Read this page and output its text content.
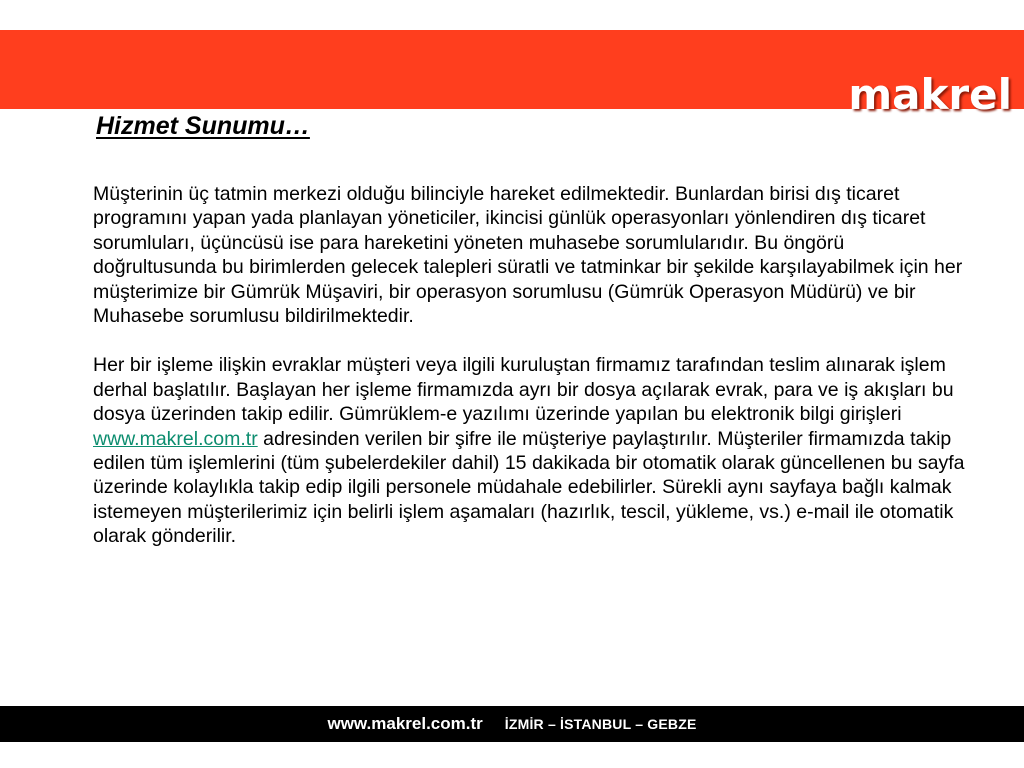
makrel
Hizmet Sunumu…

Müşterinin üç tatmin merkezi olduğu bilinciyle hareket edilmektedir. Bunlardan birisi dış ticaret programını yapan yada planlayan yöneticiler, ikincisi günlük operasyonları yönlendiren dış ticaret sorumluları, üçüncüsü ise para hareketini yöneten muhasebe sorumlularıdır. Bu öngörü doğrultusunda bu birimlerden gelecek talepleri süratli ve tatminkar bir şekilde karşılayabilmek için her müşterimize bir Gümrük Müşaviri, bir operasyon sorumlusu (Gümrük Operasyon Müdürü) ve bir Muhasebe sorumlusu bildirilmektedir.

Her bir işleme ilişkin evraklar müşteri veya ilgili kuruluştan firmamız tarafından teslim alınarak işlem derhal başlatılır. Başlayan her işleme firmamızda ayrı bir dosya açılarak evrak, para ve iş akışları bu dosya üzerinden takip edilir. Gümrüklem-e yazılımı üzerinde yapılan bu elektronik bilgi girişleri www.makrel.com.tr adresinden verilen bir şifre ile müşteriye paylaştırılır. Müşteriler firmamızda takip edilen tüm işlemlerini (tüm şubelerdekiler dahil) 15 dakikada bir otomatik olarak güncellenen bu sayfa üzerinde kolaylıkla takip edip ilgili personele müdahale edebilirler. Sürekli aynı sayfaya bağlı kalmak istemeyen müşterilerimiz için belirli işlem aşamaları (hazırlık, tescil, yükleme, vs.) e-mail ile otomatik olarak gönderilir.

www.makrel.com.tr İZMİR – İSTANBUL – GEBZE
